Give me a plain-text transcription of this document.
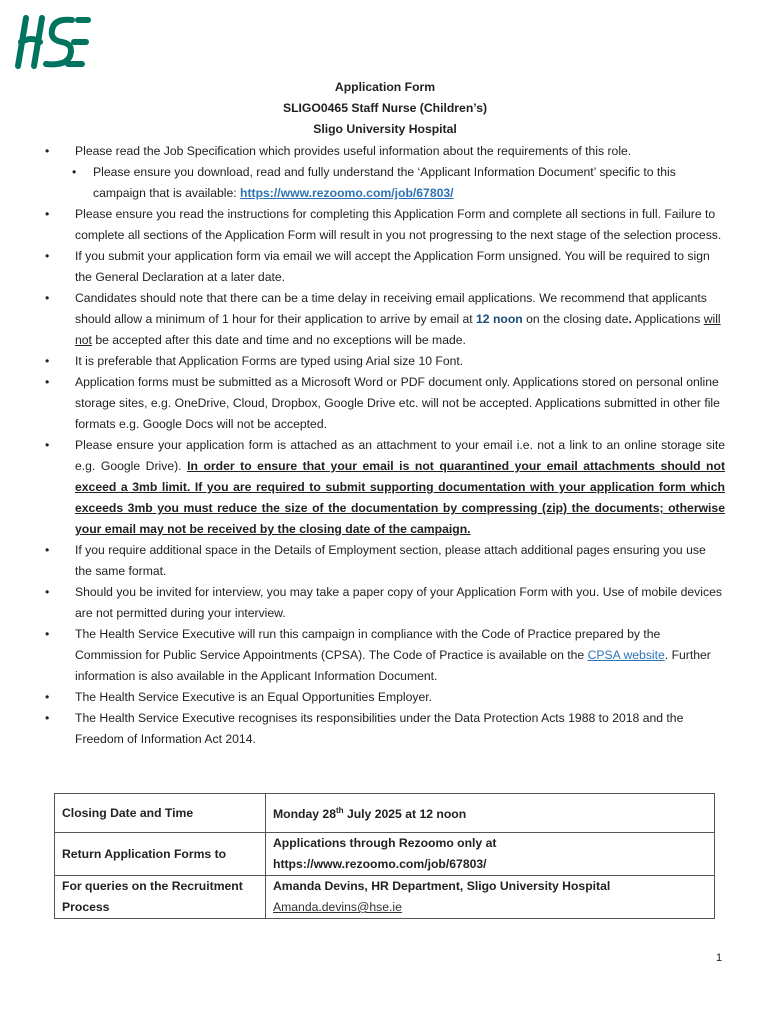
Application Form
SLIGO0465 Staff Nurse (Children’s)
Sligo University Hospital
• Please read the Job Specification which provides useful information about the requirements of this role.
• Please ensure you download, read and fully understand the ‘Applicant Information Document’ specific to this campaign that is available: https://www.rezoomo.com/job/67803/
• Please ensure you read the instructions for completing this Application Form and complete all sections in full. Failure to complete all sections of the Application Form will result in you not progressing to the next stage of the selection process.
• If you submit your application form via email we will accept the Application Form unsigned. You will be required to sign the General Declaration at a later date.
• Candidates should note that there can be a time delay in receiving email applications. We recommend that applicants should allow a minimum of 1 hour for their application to arrive by email at 12 noon on the closing date. Applications will not be accepted after this date and time and no exceptions will be made.
• It is preferable that Application Forms are typed using Arial size 10 Font.
• Application forms must be submitted as a Microsoft Word or PDF document only. Applications stored on personal online storage sites, e.g. OneDrive, Cloud, Dropbox, Google Drive etc. will not be accepted. Applications submitted in other file formats e.g. Google Docs will not be accepted.
• Please ensure your application form is attached as an attachment to your email i.e. not a link to an online storage site e.g. Google Drive). In order to ensure that your email is not quarantined your email attachments should not exceed a 3mb limit. If you are required to submit supporting documentation with your application form which exceeds 3mb you must reduce the size of the documentation by compressing (zip) the documents; otherwise your email may not be received by the closing date of the campaign.
• If you require additional space in the Details of Employment section, please attach additional pages ensuring you use the same format.
• Should you be invited for interview, you may take a paper copy of your Application Form with you. Use of mobile devices are not permitted during your interview.
• The Health Service Executive will run this campaign in compliance with the Code of Practice prepared by the Commission for Public Service Appointments (CPSA). The Code of Practice is available on the CPSA website. Further information is also available in the Applicant Information Document.
• The Health Service Executive is an Equal Opportunities Employer.
• The Health Service Executive recognises its responsibilities under the Data Protection Acts 1988 to 2018 and the Freedom of Information Act 2014.
Closing Date and Time	Monday 28th July 2025 at 12 noon
Return Application Forms to	Applications through Rezoomo only at
https://www.rezoomo.com/job/67803/

For queries on the Recruitment Process	Amanda Devins, HR Department, Sligo University Hospital
Amanda.devins@hse.ie
1
